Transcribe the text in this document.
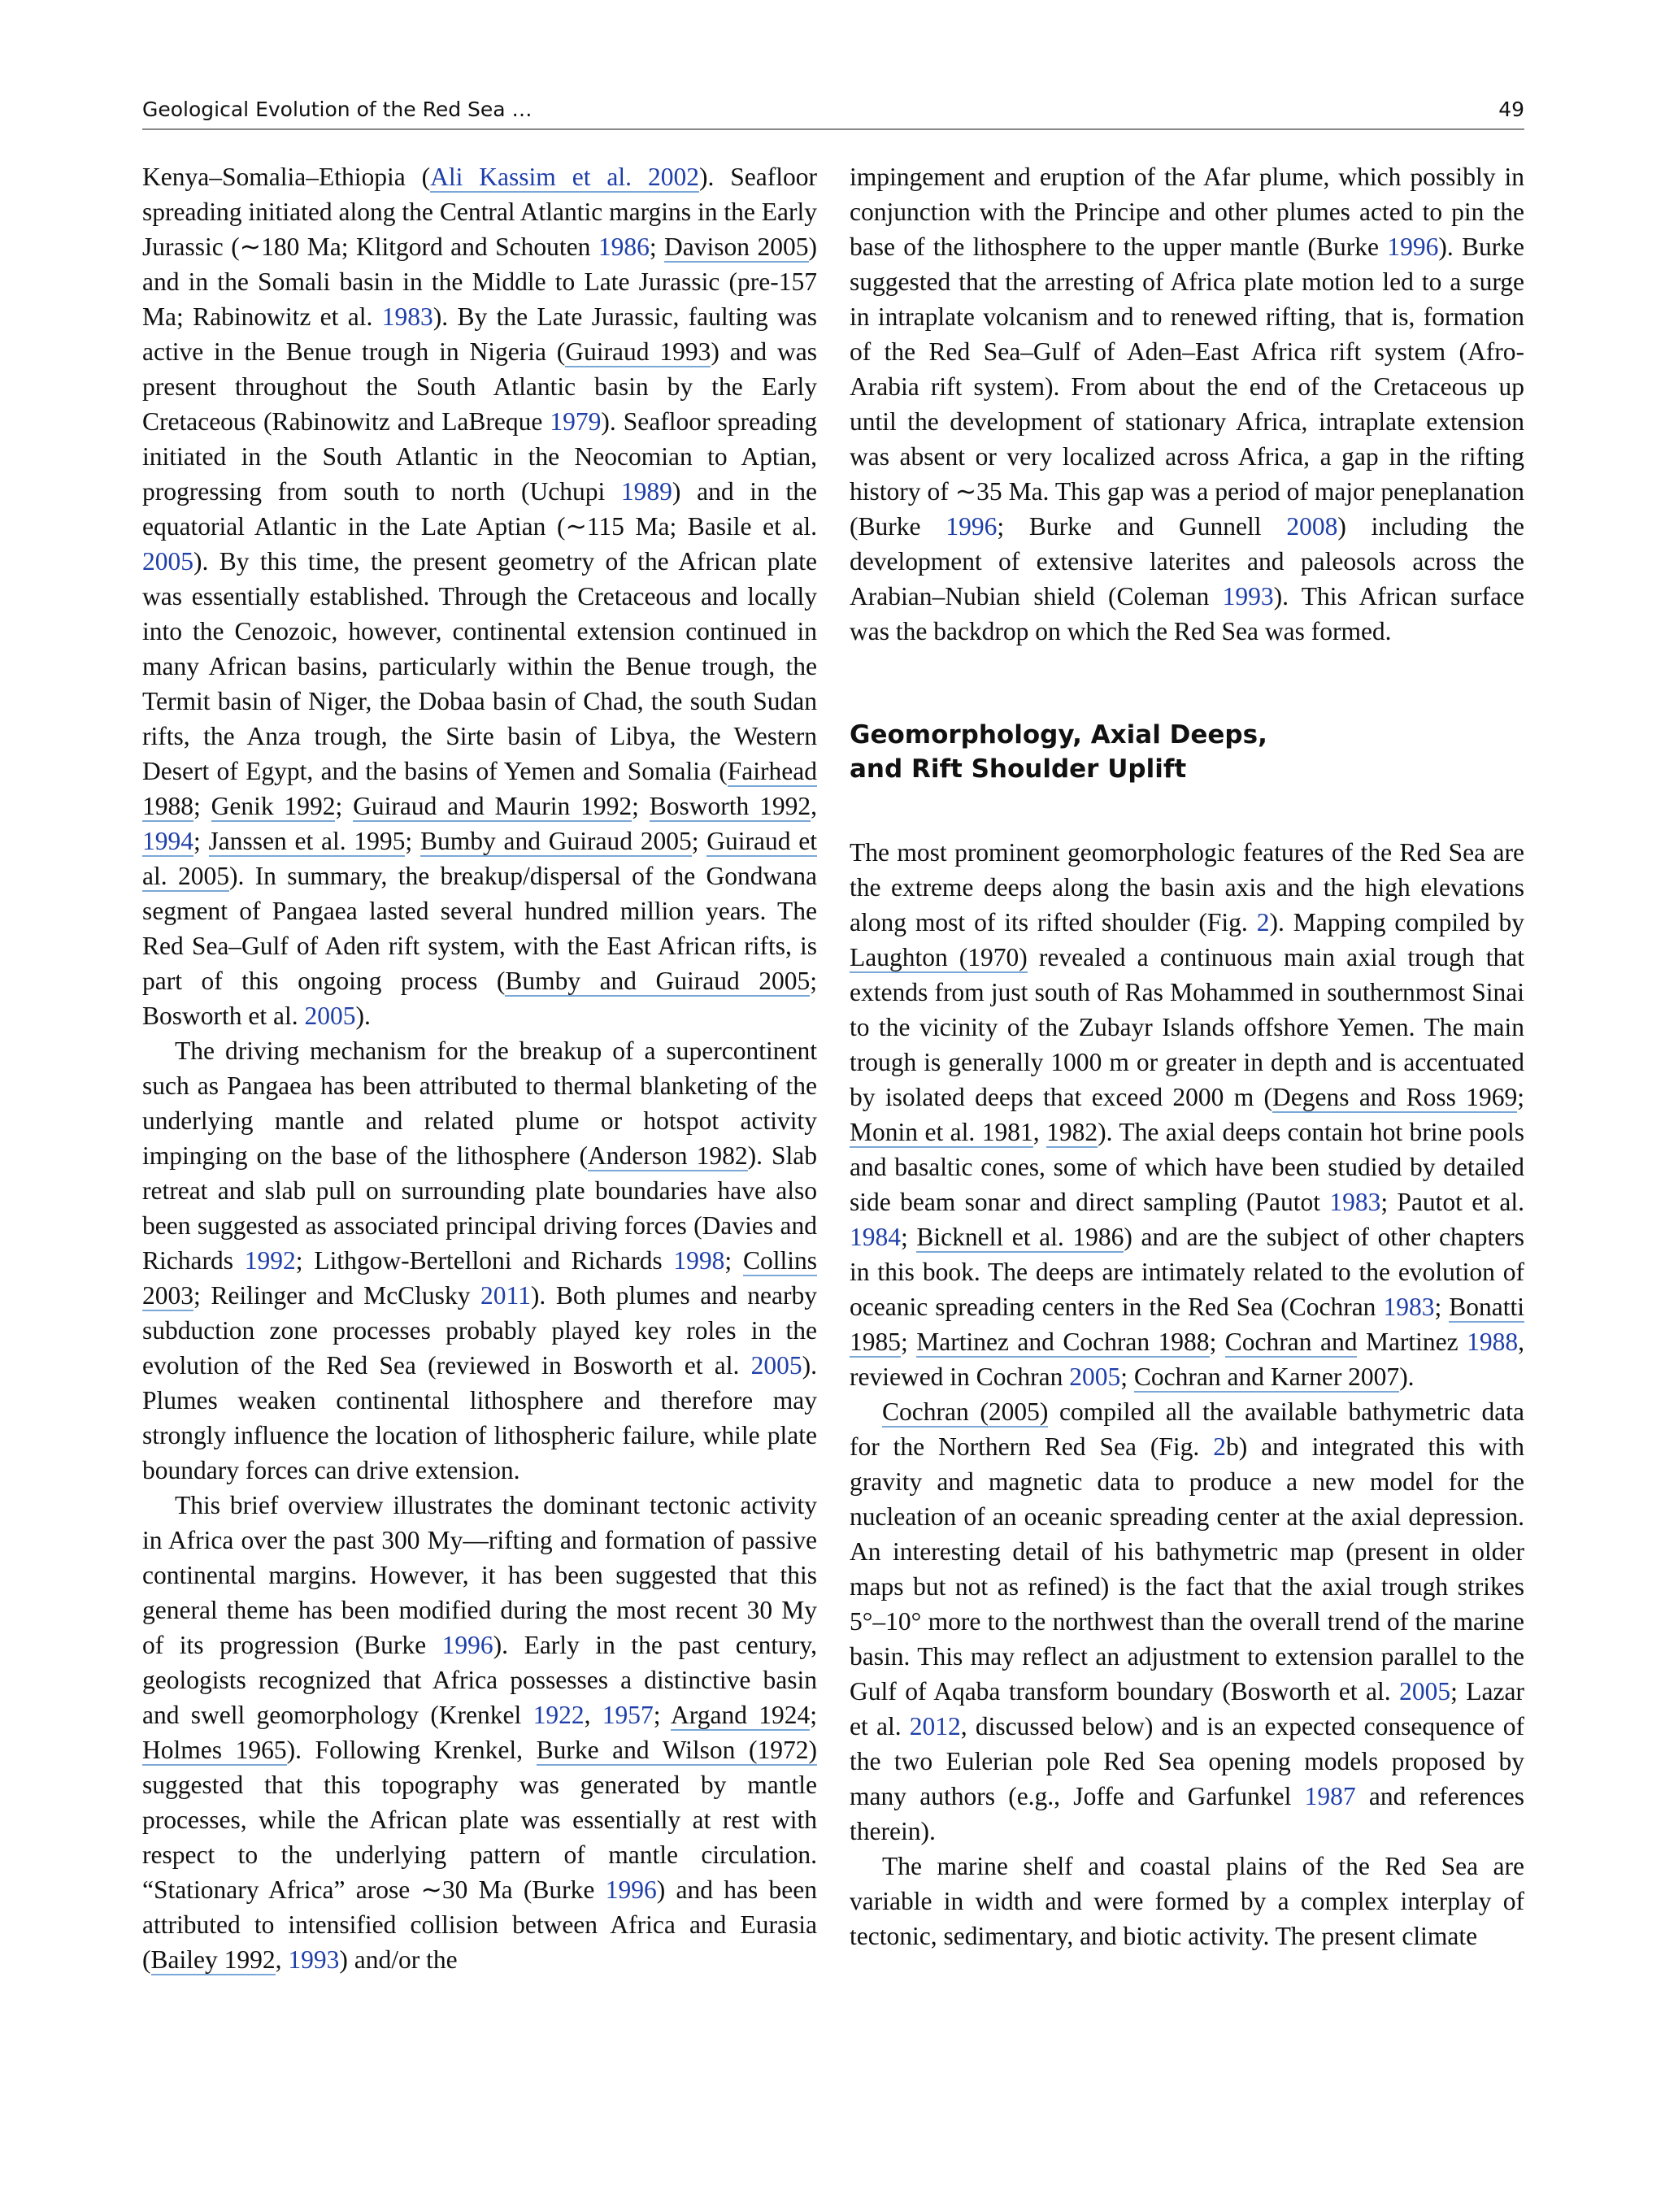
Geological Evolution of the Red Sea …	49

Kenya–Somalia–Ethiopia (Ali Kassim et al. 2002). Seafloor spreading initiated along the Central Atlantic margins in the Early Jurassic (∼180 Ma; Klitgord and Schouten 1986; Davison 2005) and in the Somali basin in the Middle to Late Jurassic (pre-157 Ma; Rabinowitz et al. 1983). By the Late Jurassic, faulting was active in the Benue trough in Nigeria (Guiraud 1993) and was present throughout the South Atlantic basin by the Early Cretaceous (Rabinowitz and LaBreque 1979). Seafloor spreading initiated in the South Atlantic in the Neocomian to Aptian, progressing from south to north (Uchupi 1989) and in the equatorial Atlantic in the Late Aptian (∼115 Ma; Basile et al. 2005). By this time, the present geometry of the African plate was essentially established. Through the Cretaceous and locally into the Cenozoic, however, continental extension continued in many African basins, particularly within the Benue trough, the Termit basin of Niger, the Dobaa basin of Chad, the south Sudan rifts, the Anza trough, the Sirte basin of Libya, the Western Desert of Egypt, and the basins of Yemen and Somalia (Fairhead 1988; Genik 1992; Guiraud and Maurin 1992; Bosworth 1992, 1994; Janssen et al. 1995; Bumby and Guiraud 2005; Guiraud et al. 2005). In summary, the breakup/dispersal of the Gondwana segment of Pangaea lasted several hundred million years. The Red Sea–Gulf of Aden rift system, with the East African rifts, is part of this ongoing process (Bumby and Guiraud 2005; Bosworth et al. 2005).

The driving mechanism for the breakup of a supercontinent such as Pangaea has been attributed to thermal blanketing of the underlying mantle and related plume or hotspot activity impinging on the base of the lithosphere (Anderson 1982). Slab retreat and slab pull on surrounding plate boundaries have also been suggested as associated principal driving forces (Davies and Richards 1992; Lithgow-Bertelloni and Richards 1998; Collins 2003; Reilinger and McClusky 2011). Both plumes and nearby subduction zone processes probably played key roles in the evolution of the Red Sea (reviewed in Bosworth et al. 2005). Plumes weaken continental lithosphere and therefore may strongly influence the location of lithospheric failure, while plate boundary forces can drive extension.

This brief overview illustrates the dominant tectonic activity in Africa over the past 300 My—rifting and formation of passive continental margins. However, it has been suggested that this general theme has been modified during the most recent 30 My of its progression (Burke 1996). Early in the past century, geologists recognized that Africa possesses a distinctive basin and swell geomorphology (Krenkel 1922, 1957; Argand 1924; Holmes 1965). Following Krenkel, Burke and Wilson (1972) suggested that this topography was generated by mantle processes, while the African plate was essentially at rest with respect to the underlying pattern of mantle circulation. “Stationary Africa” arose ∼30 Ma (Burke 1996) and has been attributed to intensified collision between Africa and Eurasia (Bailey 1992, 1993) and/or the

impingement and eruption of the Afar plume, which possibly in conjunction with the Principe and other plumes acted to pin the base of the lithosphere to the upper mantle (Burke 1996). Burke suggested that the arresting of Africa plate motion led to a surge in intraplate volcanism and to renewed rifting, that is, formation of the Red Sea–Gulf of Aden–East Africa rift system (Afro-Arabia rift system). From about the end of the Cretaceous up until the development of stationary Africa, intraplate extension was absent or very localized across Africa, a gap in the rifting history of ∼35 Ma. This gap was a period of major peneplanation (Burke 1996; Burke and Gunnell 2008) including the development of extensive laterites and paleosols across the Arabian–Nubian shield (Coleman 1993). This African surface was the backdrop on which the Red Sea was formed.

Geomorphology, Axial Deeps,
and Rift Shoulder Uplift

The most prominent geomorphologic features of the Red Sea are the extreme deeps along the basin axis and the high elevations along most of its rifted shoulder (Fig. 2). Mapping compiled by Laughton (1970) revealed a continuous main axial trough that extends from just south of Ras Mohammed in southernmost Sinai to the vicinity of the Zubayr Islands offshore Yemen. The main trough is generally 1000 m or greater in depth and is accentuated by isolated deeps that exceed 2000 m (Degens and Ross 1969; Monin et al. 1981, 1982). The axial deeps contain hot brine pools and basaltic cones, some of which have been studied by detailed side beam sonar and direct sampling (Pautot 1983; Pautot et al. 1984; Bicknell et al. 1986) and are the subject of other chapters in this book. The deeps are intimately related to the evolution of oceanic spreading centers in the Red Sea (Cochran 1983; Bonatti 1985; Martinez and Cochran 1988; Cochran and Martinez 1988, reviewed in Cochran 2005; Cochran and Karner 2007).

Cochran (2005) compiled all the available bathymetric data for the Northern Red Sea (Fig. 2b) and integrated this with gravity and magnetic data to produce a new model for the nucleation of an oceanic spreading center at the axial depression. An interesting detail of his bathymetric map (present in older maps but not as refined) is the fact that the axial trough strikes 5°–10° more to the northwest than the overall trend of the marine basin. This may reflect an adjustment to extension parallel to the Gulf of Aqaba transform boundary (Bosworth et al. 2005; Lazar et al. 2012, discussed below) and is an expected consequence of the two Eulerian pole Red Sea opening models proposed by many authors (e.g., Joffe and Garfunkel 1987 and references therein).

The marine shelf and coastal plains of the Red Sea are variable in width and were formed by a complex interplay of tectonic, sedimentary, and biotic activity. The present climate
